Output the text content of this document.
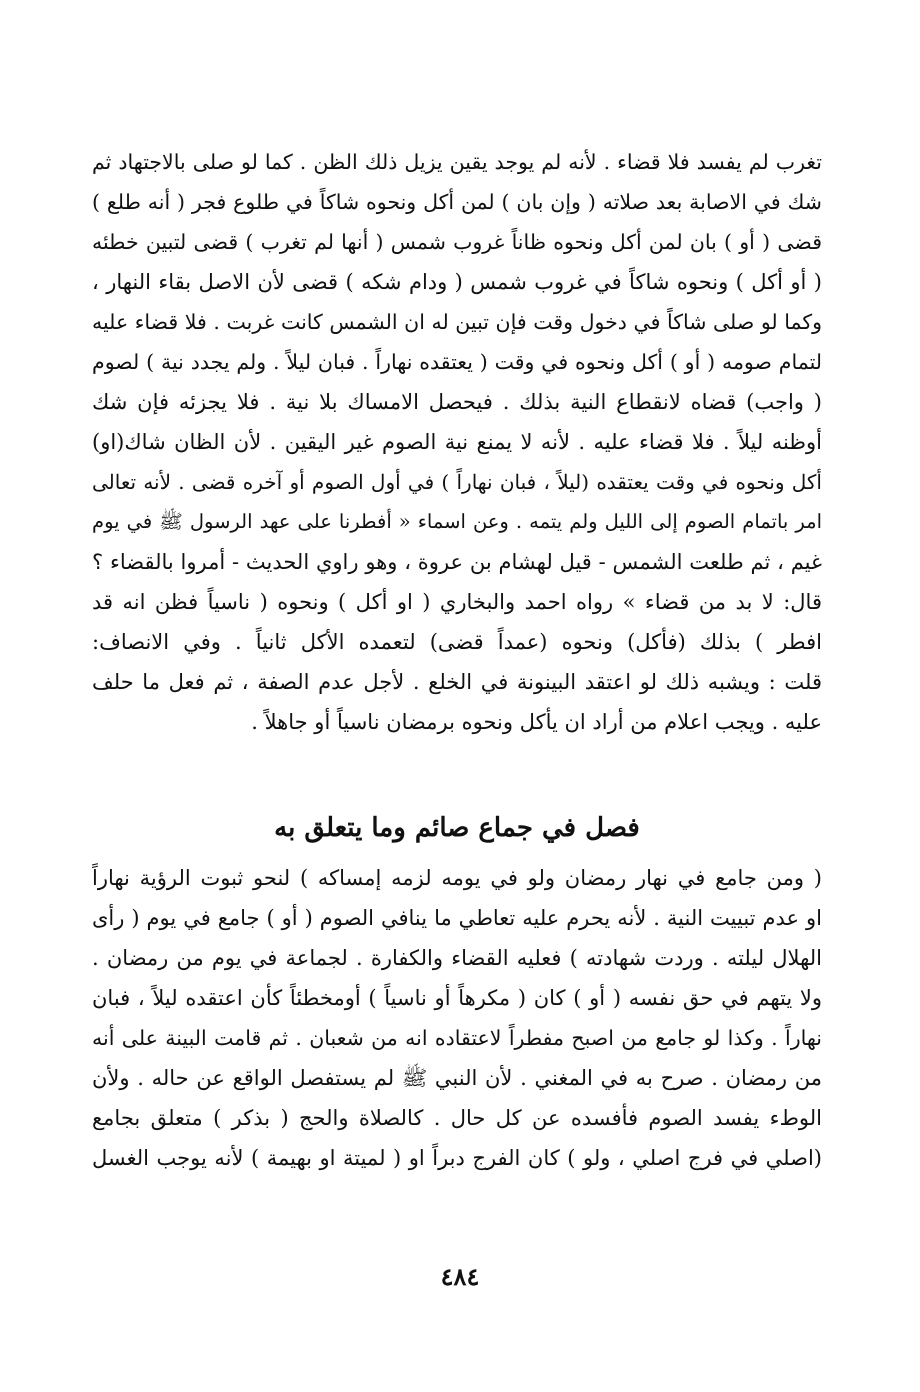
تغرب لم يفسد فلا قضاء . لأنه لم يوجد يقين يزيل ذلك الظن . كما لو صلى بالاجتهاد ثم
شك في الاصابة بعد صلاته ( وإن بان ) لمن أكل ونحوه شاكاً في طلوع فجر ( أنه طلع )
قضى ( أو ) بان لمن أكل ونحوه ظاناً غروب شمس ( أنها لم تغرب ) قضى لتبين خطئه
( أو أكل ) ونحوه شاكاً في غروب شمس ( ودام شكه ) قضى لأن الاصل بقاء النهار ،
وكما لو صلى شاكاً في دخول وقت فإن تبين له ان الشمس كانت غربت . فلا قضاء عليه
لتمام صومه ( أو ) أكل ونحوه في وقت ( يعتقده نهاراً . فبان ليلاً . ولم يجدد نية ) لصوم
( واجب) قضاه لانقطاع النية بذلك . فيحصل الامساك بلا نية . فلا يجزئه فإن شك
أوظنه ليلاً . فلا قضاء عليه . لأنه لا يمنع نية الصوم غير اليقين . لأن الظان شاك(او)
أكل ونحوه في وقت يعتقده (ليلاً ، فبان نهاراً ) في أول الصوم أو آخره قضى . لأنه تعالى
امر باتمام الصوم إلى الليل ولم يتمه . وعن اسماء « أفطرنا على عهد الرسول ﷺ في يوم
غيم ، ثم طلعت الشمس - قيل لهشام بن عروة ، وهو راوي الحديث - أمروا بالقضاء ؟
قال: لا بد من قضاء » رواه احمد والبخاري ( او أكل ) ونحوه ( ناسياً فظن انه قد
افطر ) بذلك (فأكل) ونحوه (عمداً قضى) لتعمده الأكل ثانياً . وفي الانصاف:
قلت : ويشبه ذلك لو اعتقد البينونة في الخلع . لأجل عدم الصفة ، ثم فعل ما حلف
عليه . ويجب اعلام من أراد ان يأكل ونحوه برمضان ناسياً أو جاهلاً .
فصل في جماع صائم وما يتعلق به
( ومن جامع في نهار رمضان ولو في يومه لزمه إمساكه ) لنحو ثبوت الرؤية نهاراً
او عدم تبييت النية . لأنه يحرم عليه تعاطي ما ينافي الصوم ( أو ) جامع في يوم ( رأى
الهلال ليلته . وردت شهادته ) فعليه القضاء والكفارة . لجماعة في يوم من رمضان .
ولا يتهم في حق نفسه ( أو ) كان ( مكرهاً أو ناسياً ) أومخطئاً كأن اعتقده ليلاً ، فبان
نهاراً . وكذا لو جامع من اصبح مفطراً لاعتقاده انه من شعبان . ثم قامت البينة على أنه
من رمضان . صرح به في المغني . لأن النبي ﷺ لم يستفصل الواقع عن حاله . ولأن
الوطء يفسد الصوم فأفسده عن كل حال . كالصلاة والحج ( بذكر ) متعلق بجامع
(اصلي في فرج اصلي ، ولو ) كان الفرج دبراً او ( لميتة او بهيمة ) لأنه يوجب الغسل
٤٨٤
